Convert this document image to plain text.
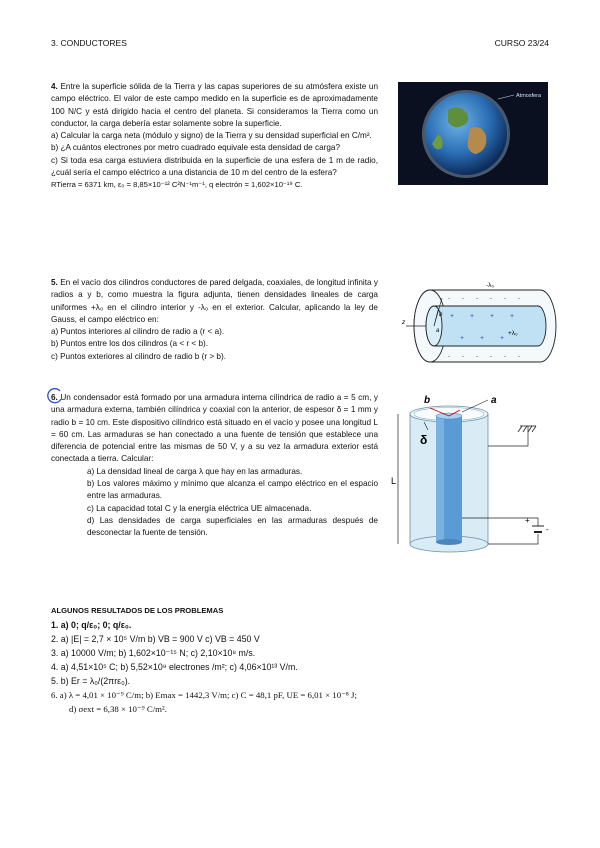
3. CONDUCTORES	CURSO 23/24

4. Entre la superficie sólida de la Tierra y las capas superiores de su atmósfera existe un campo eléctrico. El valor de este campo medido en la superficie es de aproximadamente 100 N/C y está dirigido hacia el centro del planeta. Si consideramos la Tierra como un conductor, la carga debería estar solamente sobre la superficie.

a) Calcular la carga neta (módulo y signo) de la Tierra y su densidad superficial en C/m².

b) ¿A cuántos electrones por metro cuadrado equivale esta densidad de carga?

c) Si toda esa carga estuviera distribuida en la superficie de una esfera de 1 m de radio, ¿cuál sería el campo eléctrico a una distancia de 10 m del centro de la esfera?

RTierra = 6371 km, ε₀ = 8,85×10⁻¹² C²N⁻¹m⁻¹, q electrón = 1,602×10⁻¹⁹ C.

Atmosfera

5. En el vacío dos cilindros conductores de pared delgada, coaxiales, de longitud infinita y radios a y b, como muestra la figura adjunta, tienen densidades lineales de carga uniformes +λ₀ en el cilindro interior y -λ₀ en el exterior. Calcular, aplicando la ley de Gauss, el campo eléctrico en:

a) Puntos interiores al cilindro de radio a (r < a).

b) Puntos entre los dos cilindros (a < r < b).

c) Puntos exteriores al cilindro de radio b (r > b).

- - - - - -
- - - - - -
+ + + +
+ + +
-λ₀
+λ₀
z
b
a

6. Un condensador está formado por una armadura interna cilíndrica de radio a = 5 cm, y una armadura externa, también cilíndrica y coaxial con la anterior, de espesor δ = 1 mm y radio b = 10 cm. Este dispositivo cilíndrico está situado en el vacío y posee una longitud L = 60 cm. Las armaduras se han conectado a una fuente de tensión que establece una diferencia de potencial entre las mismas de 50 V, y a su vez la armadura exterior está conectada a tierra. Calcular:

a) La densidad lineal de carga λ que hay en las armaduras.

b) Los valores máximo y mínimo que alcanza el campo eléctrico en el espacio entre las armaduras.

c) La capacidad total C y la energía eléctrica UE almacenada.

d) Las densidades de carga superficiales en las armaduras después de desconectar la fuente de tensión.

b	a
δ
L
+
-
ALGUNOS RESULTADOS DE LOS PROBLEMAS
1. a) 0; q/ε₀; 0; q/ε₀.
2. a) |E| = 2,7 × 10⁵ V/m b) VB = 900 V c) VB = 450 V
3. a) 10000 V/m; b) 1,602×10⁻¹⁵ N; c) 2,10×10⁸ m/s.
4. a) 4,51×10⁵ C; b) 5,52×10⁹ electrones /m²; c) 4,06×10¹³ V/m.
5. b) Er = λ₀/(2πrε₀).
6. a) λ = 4,01 × 10⁻⁹ C/m; b) Emax = 1442,3 V/m; c) C = 48,1 pF, UE = 6,01 × 10⁻⁸ J;
d) σext = 6,38 × 10⁻⁹ C/m².
